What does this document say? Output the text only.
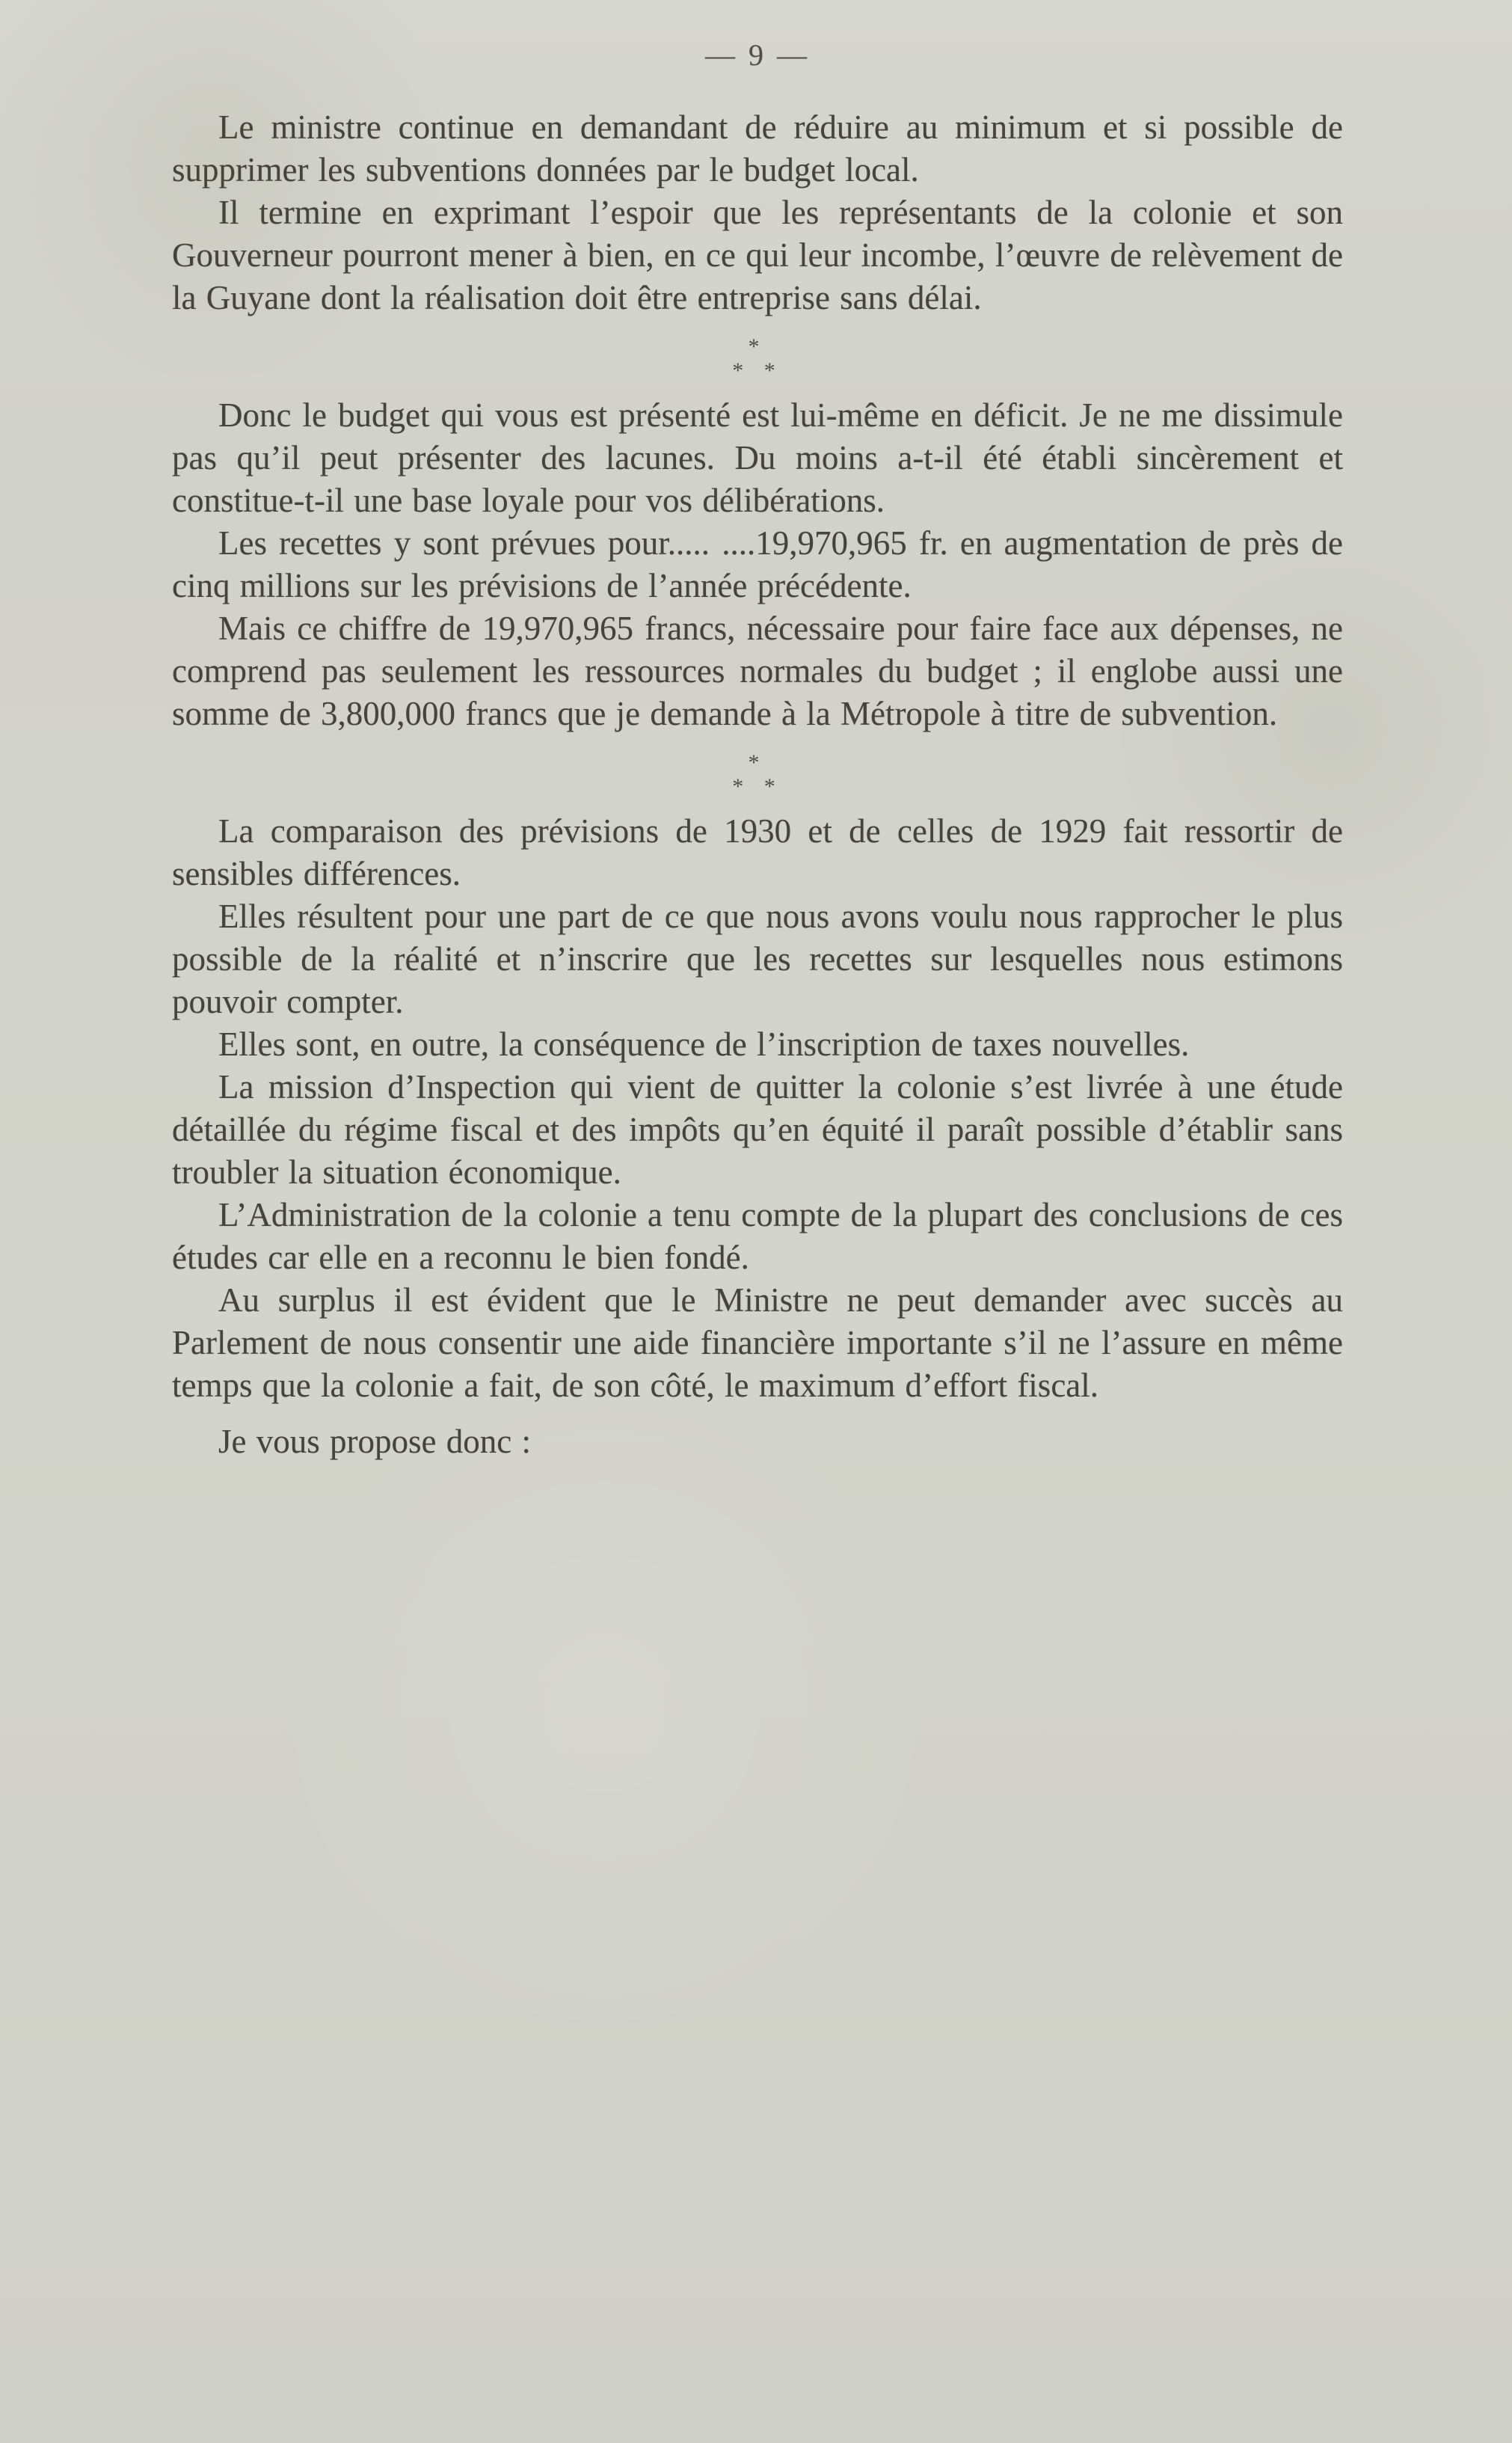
— 9 —

Le ministre continue en demandant de réduire au minimum et si possible de supprimer les subventions données par le budget local.

Il termine en exprimant l’espoir que les représentants de la colonie et son Gouverneur pourront mener à bien, en ce qui leur incombe, l’œuvre de relèvement de la Guyane dont la réalisation doit être entreprise sans délai.

*
* *

Donc le budget qui vous est présenté est lui-même en déficit. Je ne me dissimule pas qu’il peut présenter des lacunes. Du moins a-t-il été établi sincèrement et constitue-t-il une base loyale pour vos délibérations.

Les recettes y sont prévues pour..... ....19,970,965 fr. en augmentation de près de cinq millions sur les prévisions de l’année précédente.

Mais ce chiffre de 19,970,965 francs, nécessaire pour faire face aux dépenses, ne comprend pas seulement les ressources normales du budget ; il englobe aussi une somme de 3,800,000 francs que je demande à la Métropole à titre de subvention.

*
* *

La comparaison des prévisions de 1930 et de celles de 1929 fait ressortir de sensibles différences.

Elles résultent pour une part de ce que nous avons voulu nous rapprocher le plus possible de la réalité et n’inscrire que les recettes sur lesquelles nous estimons pouvoir compter.

Elles sont, en outre, la conséquence de l’inscription de taxes nouvelles.

La mission d’Inspection qui vient de quitter la colonie s’est livrée à une étude détaillée du régime fiscal et des impôts qu’en équité il paraît possible d’établir sans troubler la situation économique.

L’Administration de la colonie a tenu compte de la plupart des conclusions de ces études car elle en a reconnu le bien fondé.

Au surplus il est évident que le Ministre ne peut demander avec succès au Parlement de nous consentir une aide financière importante s’il ne l’assure en même temps que la colonie a fait, de son côté, le maximum d’effort fiscal.

Je vous propose donc :
